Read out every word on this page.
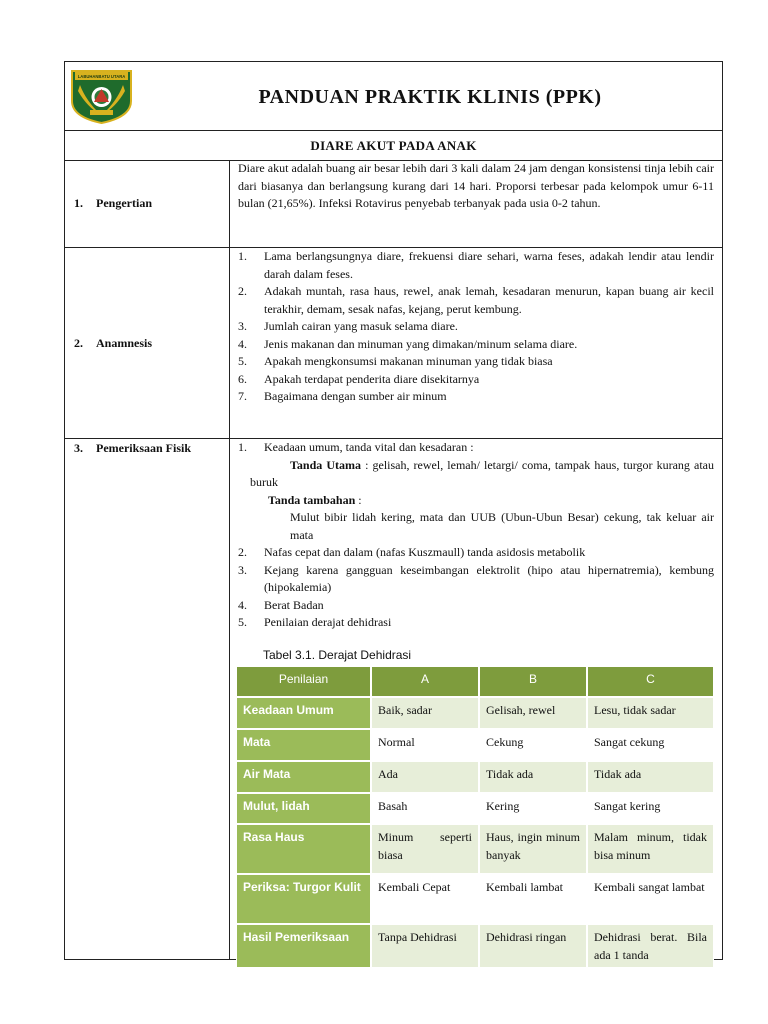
LABUHANBATU UTARA
PANDUAN PRAKTIK KLINIS (PPK)
DIARE AKUT PADA ANAK
1. Pengertian
Diare akut adalah buang air besar lebih dari 3 kali dalam 24 jam dengan konsistensi tinja lebih cair dari biasanya dan berlangsung kurang dari 14 hari. Proporsi terbesar pada kelompok umur 6-11 bulan (21,65%). Infeksi Rotavirus penyebab terbanyak pada usia 0-2 tahun.
2. Anamnesis
1. Lama berlangsungnya diare, frekuensi diare sehari, warna feses, adakah lendir atau lendir darah dalam feses.
2. Adakah muntah, rasa haus, rewel, anak lemah, kesadaran menurun, kapan buang air kecil terakhir, demam, sesak nafas, kejang, perut kembung.
3. Jumlah cairan yang masuk selama diare.
4. Jenis makanan dan minuman yang dimakan/minum selama diare.
5. Apakah mengkonsumsi makanan minuman yang tidak biasa
6. Apakah terdapat penderita diare disekitarnya
7. Bagaimana dengan sumber air minum
3. Pemeriksaan Fisik	1. Keadaan umum, tanda vital dan kesadaran :
Tanda Utama : gelisah, rewel, lemah/ letargi/ coma, tampak haus, turgor kurang atau buruk
Tanda tambahan :
Mulut bibir lidah kering, mata dan UUB (Ubun-Ubun Besar) cekung, tak keluar air mata
2. Nafas cepat dan dalam (nafas Kuszmaull) tanda asidosis metabolik
3. Kejang karena gangguan keseimbangan elektrolit (hipo atau hipernatremia), kembung (hipokalemia)
4. Berat Badan
5. Penilaian derajat dehidrasi
Tabel 3.1. Derajat Dehidrasi
Penilaian	A	B	C
Keadaan Umum	Baik, sadar	Gelisah, rewel	Lesu, tidak sadar
Mata	Normal	Cekung	Sangat cekung
Air Mata	Ada	Tidak ada	Tidak ada
Mulut, lidah	Basah	Kering	Sangat kering
Rasa Haus	Minum seperti biasa	Haus, ingin minum banyak	Malam minum, tidak bisa minum
Periksa: Turgor Kulit	Kembali Cepat	Kembali lambat	Kembali sangat lambat
Hasil Pemeriksaan	Tanpa Dehidrasi	Dehidrasi ringan	Dehidrasi berat. Bila ada 1 tanda
